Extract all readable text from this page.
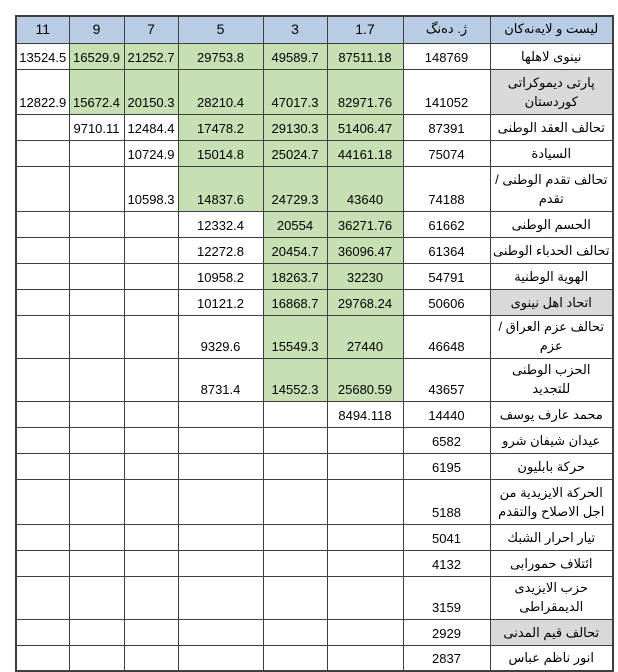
11	9	7	5	3	1.7	ژ. دەنگ	لیست و لایەنەکان
13524.5	16529.9	21252.7	29753.8	49589.7	87511.18	148769	نينوى لاهلها
12822.9	15672.4	20150.3	28210.4	47017.3	82971.76	141052	پارتى دیموکراتى کوردستان
	9710.11	12484.4	17478.2	29130.3	51406.47	87391	تحالف العقد الوطنى
		10724.9	15014.8	25024.7	44161.18	75074	السيادة
		10598.3	14837.6	24729.3	43640	74188	تحالف تقدم الوطنى / تقدم
			12332.4	20554	36271.76	61662	الحسم الوطنى
			12272.8	20454.7	36096.47	61364	تحالف الحدباء الوطنى
			10958.2	18263.7	32230	54791	الهوية الوطنية
			10121.2	16868.7	29768.24	50606	اتحاد اهل نينوى
			9329.6	15549.3	27440	46648	تحالف عزم العراق / عزم
			8731.4	14552.3	25680.59	43657	الحزب الوطنى للتجديد
					8494.118	14440	محمد عارف يوسف
						6582	عيدان شيفان شرو
						6195	حركة بابليون
						5188	الحركة الايزيدية من اجل الاصلاح والتقدم
						5041	تيار احرار الشبك
						4132	ائتلاف حمورابى
						3159	حزب الايزيدى الديمقراطى
						2929	تحالف قيم المدنى
						2837	انور ناظم عباس
